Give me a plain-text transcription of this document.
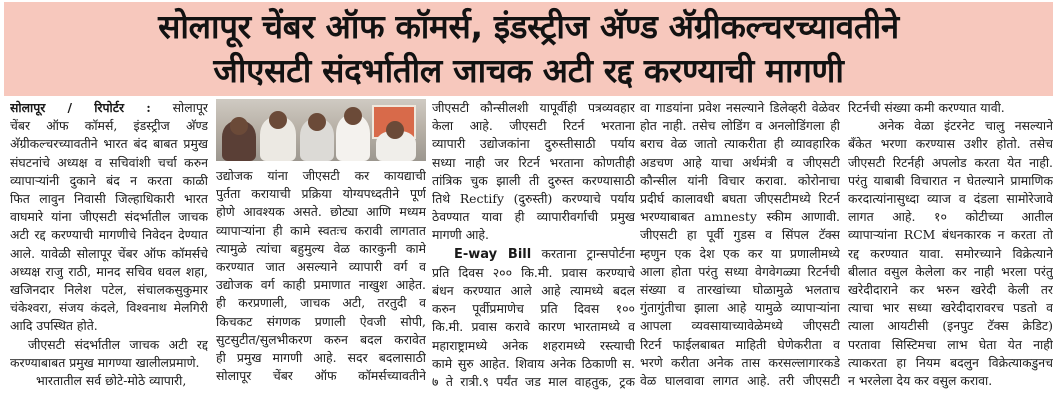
सोलापूर चेंबर ऑफ कॉमर्स, इंडस्ट्रीज अ‍ॅण्ड अ‍ॅग्रीकल्चरच्यावतीने
जीएसटी संदर्भातील जाचक अटी रद्द करण्याची मागणी
सोलापूर / रिपोर्टर : सोलापूर
चेंबर ऑफ कॉमर्स, इंडस्ट्रीज अ‍ॅण्ड
अ‍ॅग्रीकल्चरच्यावतीने भारत बंद बाबत प्रमुख
संघटनांचे अध्यक्ष व सचिवांशी चर्चा करुन
व्यापाऱ्यांनी दुकाने बंद न करता काळी
फित लावुन निवासी जिल्हाधिकारी भारत
वाघमारे यांना जीएसटी संदर्भातील जाचक
अटी रद्द करण्याची मागणीचे निवेदन देण्यात
आले. यावेळी सोलापूर चेंबर ऑफ कॉमर्सचे
अध्यक्ष राजु राठी, मानद सचिव धवल शहा,
खजिनदार निलेश पटेल, संचालकसुकुमार
चंकेश्वरा, संजय कंदले, विश्वनाथ मेलगिरी
आदि उपस्थित होते.
जीएसटी संदर्भातील जाचक अटी रद्द
करण्याबाबत प्रमुख मागण्या खालीलप्रमाणे.
भारतातील सर्व छोटे-मोठे व्यापारी,
उद्योजक यांना जीएसटी कर कायद्याची
पुर्तता करायाची प्रक्रिया योग्यपध्दतीने पूर्ण
होणे आवश्यक असते. छोट्या आणि मध्यम
व्यापाऱ्यांना ही कामे स्वतःच करावी लागतात
त्यामुळे त्यांचा बहुमुल्य वेळ कारकुनी कामे
करण्यात जात असल्याने व्यापारी वर्ग व
उद्योजक वर्ग काही प्रमाणात नाखुश आहेत.
ही करप्रणाली, जाचक अटी, तरतुदी व
किचकट संगणक प्रणाली ऐवजी सोपी,
सुटसुटीत/सुलभीकरण करुन बदल करावेत
ही प्रमुख मागणी आहे. सदर बदलासाठी
सोलापूर चेंबर ऑफ कॉमर्सच्यावतीने
जीएसटी कौन्सीलशी यापूर्वीही पत्रव्यवहार
केला आहे. जीएसटी रिटर्न भरताना
व्यापारी उद्योजकांना दुरुस्तीसाठी पर्याय
सध्या नाही जर रिटर्न भरताना कोणतीही
तांत्रिक चुक झाली ती दुरुस्त करण्यासाठी
तिथे Rectify (दुरुस्ती) करण्याचे पर्याय
ठेवण्यात यावा ही व्यापारीवर्गाची प्रमुख
मागणी आहे.
E-way Bill करताना ट्रान्सपोर्टना
प्रति दिवस २०० कि.मी. प्रवास करण्याचे
बंधन करण्यात आले आहे त्यामध्ये बदल
करुन पूर्वीप्रमाणेच प्रति दिवस १००
कि.मी. प्रवास करावे कारण भारतामध्ये व
महाराष्ट्रामध्ये अनेक शहरामध्ये रस्त्याची
कामे सुरु आहेत. शिवाय अनेक ठिकाणी स.
७ ते रात्री.९ पर्यंत जड माल वाहतुक, ट्रक
वा गाडयांना प्रवेश नसल्याने डिलेव्हरी वेळेवर
होत नाही. तसेच लोडिंग व अनलोडिंगला ही
बराच वेळ जातो त्याकरीता ही व्यावहारिक
अडचण आहे याचा अर्थमंत्री व जीएसटी
कौन्सील यांनी विचार करावा. कोरोनाचा
प्रदीर्घ कालावधी बघता जीएसटीमध्ये रिटर्न
भरण्याबाबत amnesty स्कीम आणावी.
जीएसटी हा पूर्वी गुडस व सिंपल टॅक्स
म्हणुन एक देश एक कर या प्रणालीमध्ये
आला होता परंतु सध्या वेगवेगळ्या रिटर्नची
संख्या व तारखांच्या घोळामुळे भलताच
गुंतागुंतीचा झाला आहे यामुळे व्यापाऱ्यांना
आपला व्यवसायाच्यावेळेमध्ये जीएसटी
रिटर्न फाईलबाबत माहिती घेणेकरीता व
भरणे करीता अनेक तास करसल्लागारकडे
वेळ घालवावा लागत आहे. तरी जीएसटी
रिटर्नची संख्या कमी करण्यात यावी.
अनेक वेळा इंटरनेट चालु नसल्याने
बँकेत भरणा करण्यास उशीर होतो. तसेच
जीएसटी रिटर्नही अपलोड करता येत नाही.
परंतु याबाबी विचारात न घेतल्याने प्रामाणिक
करदात्यांनासुध्दा व्याज व दंडला सामोरेजावे
लागत आहे. १० कोटीच्या आतील
व्यापाऱ्यांना RCM बंधनकारक न करता तो
रद्द करण्यात यावा. समोरच्याने विक्रेत्याने
बीलात वसुल केलेला कर नाही भरला परंतु
खरेदीदाराने कर भरुन खरेदी केली तर
त्याचा भार सध्या खरेदीदारावरच पडतो व
त्याला आयटीसी (इनपुट टॅक्स क्रेडिट)
परतावा सिस्टिमचा लाभ घेता येत नाही
त्याकरता हा नियम बदलुन विक्रेत्याकडुनच
न भरलेला देय कर वसुल करावा.
